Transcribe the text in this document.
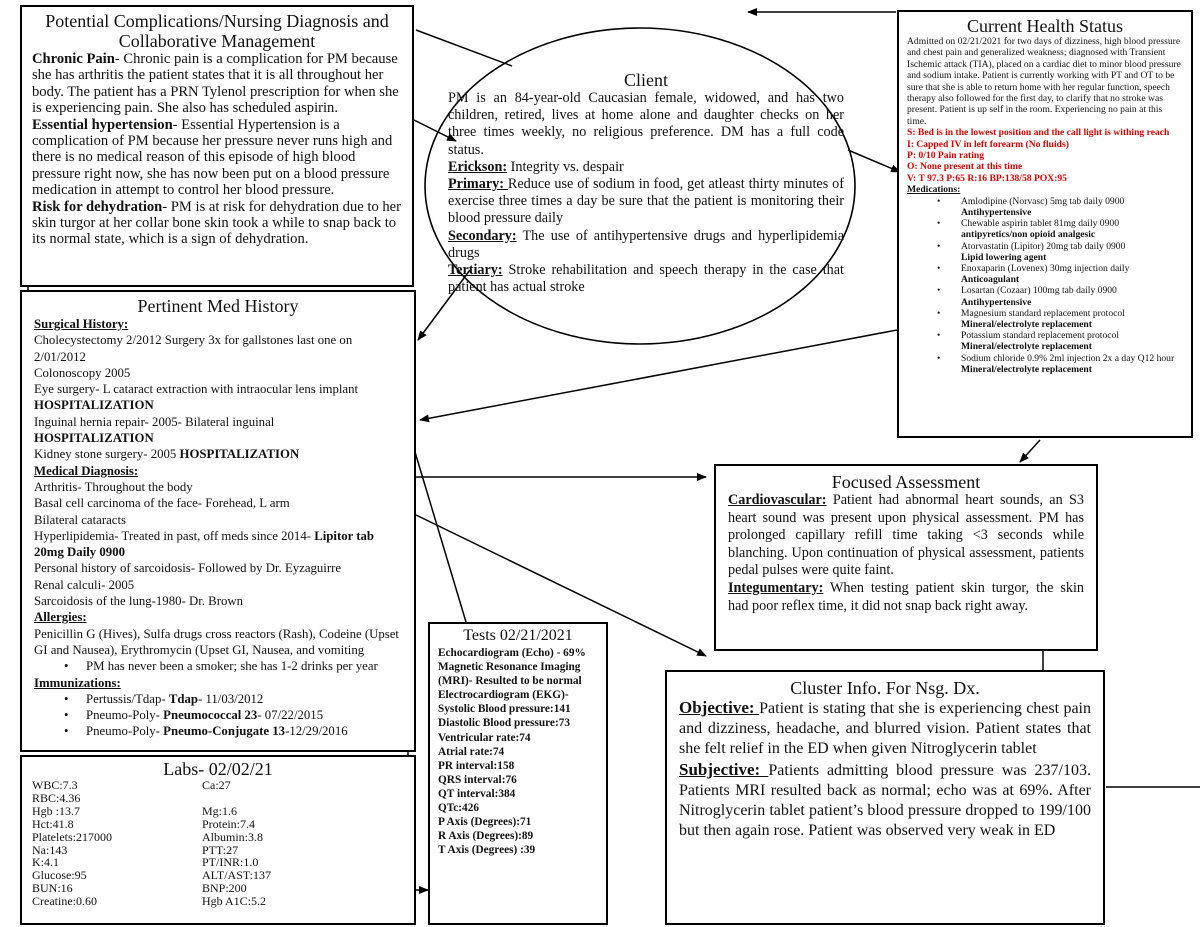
Potential Complications/Nursing Diagnosis and Collaborative Management
Chronic Pain- Chronic pain is a complication for PM because she has arthritis the patient states that it is all throughout her body. The patient has a PRN Tylenol prescription for when she is experiencing pain. She also has scheduled aspirin.
Essential hypertension- Essential Hypertension is a complication of PM because her pressure never runs high and there is no medical reason of this episode of high blood pressure right now, she has now been put on a blood pressure medication in attempt to control her blood pressure.
Risk for dehydration- PM is at risk for dehydration due to her skin turgor at her collar bone skin took a while to snap back to its normal state, which is a sign of dehydration.
Client
PM is an 84-year-old Caucasian female, widowed, and has two children, retired, lives at home alone and daughter checks on her three times weekly, no religious preference. DM has a full code status.
Erickson: Integrity vs. despair
Primary: Reduce use of sodium in food, get atleast thirty minutes of exercise three times a day be sure that the patient is monitoring their blood pressure daily
Secondary: The use of antihypertensive drugs and hyperlipidemia drugs
Tertiary: Stroke rehabilitation and speech therapy in the case that patient has actual stroke
Current Health Status
Admitted on 02/21/2021 for two days of dizziness, high blood pressure and chest pain and generalized weakness; diagnosed with Transient Ischemic attack (TIA), placed on a cardiac diet to minor blood pressure and sodium intake. Patient is currently working with PT and OT to be sure that she is able to return home with her regular function, speech therapy also followed for the first day, to clarify that no stroke was present. Patient is up self in the room. Experiencing no pain at this time.
S: Bed is in the lowest position and the call light is withing reach
I: Capped IV in left forearm (No fluids)
P: 0/10 Pain rating
O: None present at this time
V: T 97.3 P:65 R:16 BP:138/58 POX:95
Medications:
• Amlodipine (Norvasc) 5mg tab daily 0900
Antihypertensive
• Chewable aspirin tablet 81mg daily 0900
antipyretics/non opioid analgesic
• Atorvastatin (Lipitor) 20mg tab daily 0900
Lipid lowering agent
• Enoxaparin (Lovenex) 30mg injection daily
Anticoagulant
• Losartan (Cozaar) 100mg tab daily 0900
Antihypertensive
• Magnesium standard replacement protocol
Mineral/electrolyte replacement
• Potassium standard replacement protocol
Mineral/electrolyte replacement
• Sodium chloride 0.9% 2ml injection 2x a day Q12 hour
Mineral/electrolyte replacement
Pertinent Med History
Surgical History:
Cholecystectomy 2/2012 Surgery 3x for gallstones last one on 2/01/2012
Colonoscopy 2005
Eye surgery- L cataract extraction with intraocular lens implant
HOSPITALIZATION
Inguinal hernia repair- 2005- Bilateral inguinal
HOSPITALIZATION
Kidney stone surgery- 2005 HOSPITALIZATION
Medical Diagnosis:
Arthritis- Throughout the body
Basal cell carcinoma of the face- Forehead, L arm
Bilateral cataracts
Hyperlipidemia- Treated in past, off meds since 2014- Lipitor tab 20mg Daily 0900
Personal history of sarcoidosis- Followed by Dr. Eyzaguirre
Renal calculi- 2005
Sarcoidosis of the lung-1980- Dr. Brown
Allergies:
Penicillin G (Hives), Sulfa drugs cross reactors (Rash), Codeine (Upset GI and Nausea), Erythromycin (Upset GI, Nausea, and vomiting
• PM has never been a smoker; she has 1-2 drinks per year
Immunizations:
• Pertussis/Tdap- Tdap- 11/03/2012
• Pneumo-Poly- Pneumococcal 23- 07/22/2015
• Pneumo-Poly- Pneumo-Conjugate 13-12/29/2016
Labs- 02/02/21
WBC:7.3	Ca:27
RBC:4.36
Hgb :13.7	Mg:1.6
Hct:41.8	Protein:7.4
Platelets:217000	Albumin:3.8
Na:143	PTT:27
K:4.1	PT/INR:1.0
Glucose:95	ALT/AST:137
BUN:16	BNP:200
Creatine:0.60	Hgb A1C:5.2
Tests 02/21/2021
Echocardiogram (Echo) - 69%
Magnetic Resonance Imaging (MRI)- Resulted to be normal
Electrocardiogram (EKG)-
Systolic Blood pressure:141
Diastolic Blood pressure:73
Ventricular rate:74
Atrial rate:74
PR interval:158
QRS interval:76
QT interval:384
QTc:426
P Axis (Degrees):71
R Axis (Degrees):89
T Axis (Degrees) :39
Focused Assessment
Cardiovascular: Patient had abnormal heart sounds, an S3 heart sound was present upon physical assessment. PM has prolonged capillary refill time taking <3 seconds while blanching. Upon continuation of physical assessment, patients pedal pulses were quite faint.
Integumentary: When testing patient skin turgor, the skin had poor reflex time, it did not snap back right away.
Cluster Info. For Nsg. Dx.
Objective: Patient is stating that she is experiencing chest pain and dizziness, headache, and blurred vision. Patient states that she felt relief in the ED when given Nitroglycerin tablet
Subjective: Patients admitting blood pressure was 237/103. Patients MRI resulted back as normal; echo was at 69%. After Nitroglycerin tablet patient’s blood pressure dropped to 199/100 but then again rose. Patient was observed very weak in ED
